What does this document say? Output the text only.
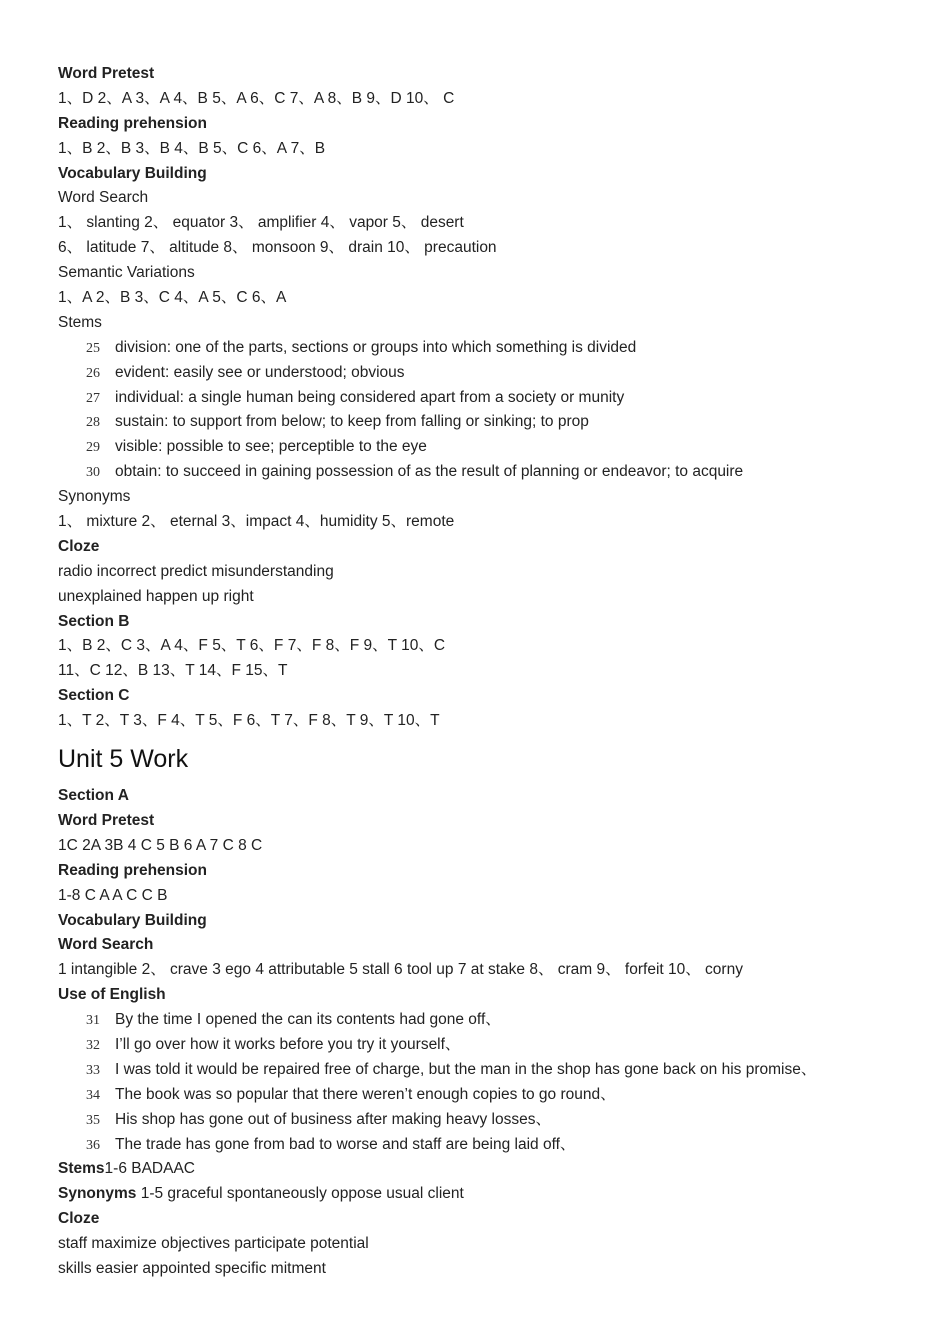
Word Pretest
1、D 2、A 3、A 4、B 5、A 6、C 7、A 8、B 9、D 10、 C
Reading prehension
1、B 2、B 3、B 4、B 5、C 6、A 7、B
Vocabulary Building
Word Search
1、 slanting 2、 equator 3、 amplifier 4、 vapor 5、 desert
6、 latitude 7、 altitude 8、 monsoon 9、 drain 10、 precaution
Semantic Variations
1、A 2、B 3、C 4、A 5、C 6、A
Stems
25 division: one of the parts, sections or groups into which something is divided
26 evident: easily see or understood; obvious
27 individual: a single human being considered apart from a society or munity
28 sustain: to support from below; to keep from falling or sinking; to prop
29 visible: possible to see; perceptible to the eye
30 obtain: to succeed in gaining possession of as the result of planning or endeavor; to acquire
Synonyms
1、 mixture 2、 eternal 3、impact 4、humidity 5、remote
Cloze
radio incorrect predict misunderstanding
unexplained happen up right
Section B
1、B 2、C 3、A 4、F 5、T 6、F 7、F 8、F 9、T 10、C
11、C 12、B 13、T 14、F 15、T
Section C
1、T 2、T 3、F 4、T 5、F 6、T 7、F 8、T 9、T 10、T
Unit 5 Work
Section A
Word Pretest
1C 2A 3B 4 C 5 B 6 A 7 C 8 C
Reading prehension
1-8 C A A C C B
Vocabulary Building
Word Search
1 intangible 2、 crave 3 ego 4 attributable 5 stall 6 tool up 7 at stake 8、 cram 9、 forfeit 10、 corny
Use of English
31 By the time I opened the can its contents had gone off、
32 I’ll go over how it works before you try it yourself、
33 I was told it would be repaired free of charge, but the man in the shop has gone back on his promise、
34 The book was so popular that there weren’t enough copies to go round、
35 His shop has gone out of business after making heavy losses、
36 The trade has gone from bad to worse and staff are being laid off、
Stems1-6 BADAAC
Synonyms 1-5 graceful spontaneously oppose usual client
Cloze
staff maximize objectives participate potential
skills easier appointed specific mitment
